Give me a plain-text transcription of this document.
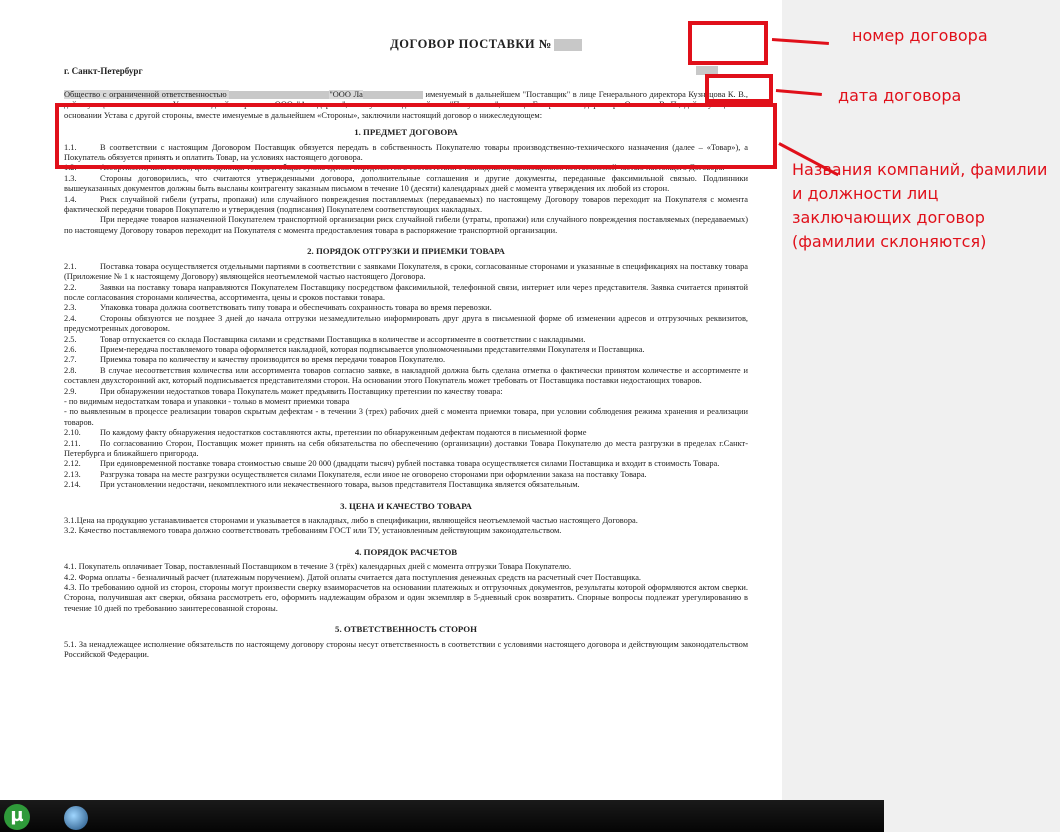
ДОГОВОР ПОСТАВКИ №
г. Санкт-Петербург
Общество с ограниченной ответственностью	"ООО Ла	именуемый в дальнейшем "Поставщик" в лице Генерального директора Кузнецова К. В., действующего на основании Устава с одной стороны и ООО "Автодороги", именуемое в дальнейшем "Покупатель", в лице Генерального директора Осокина В. П., действующего на основании Устава с другой стороны, вместе именуемые в дальнейшем «Стороны», заключили настоящий договор о нижеследующем:
1. ПРЕДМЕТ ДОГОВОРА
1.1.	В соответствии с настоящим Договором Поставщик обязуется передать в собственность Покупателю товары производственно-технического назначения (далее – «Товар»), а Покупатель обязуется принять и оплатить Товар, на условиях настоящего договора.
1.2.	Ассортимент, количество, цена единицы товара и общая сумма сделки определяется в соответствии с накладными, являющимися неотъемлемой частью настоящего Договора.
1.3.	Стороны договорились, что считаются утвержденными договора, дополнительные соглашения и другие документы, переданные факсимильной связью. Подлинники вышеуказанных документов должны быть высланы контрагенту заказным письмом в течение 10 (десяти) календарных дней с момента утверждения их любой из сторон.
1.4.	Риск случайной гибели (утраты, пропажи) или случайного повреждения поставляемых (передаваемых) по настоящему Договору товаров переходит на Покупателя с момента фактической передачи товаров Покупателю и утверждения (подписания) Покупателем соответствующих накладных.
При передаче товаров назначенной Покупателем транспортной организации риск случайной гибели (утраты, пропажи) или случайного повреждения поставляемых (передаваемых) по настоящему Договору товаров переходит на Покупателя с момента предоставления товара в распоряжение транспортной организации.
2. ПОРЯДОК ОТГРУЗКИ И ПРИЕМКИ ТОВАРА
2.1.	Поставка товара осуществляется отдельными партиями в соответствии с заявками Покупателя, в сроки, согласованные сторонами и указанные в спецификациях на поставку товара (Приложение № 1 к настоящему Договору) являющейся неотъемлемой частью настоящего Договора.
2.2.	Заявки на поставку товара направляются Покупателем Поставщику посредством факсимильной, телефонной связи, интернет или через представителя. Заявка считается принятой после согласования сторонами количества, ассортимента, цены и сроков поставки товара.
2.3.	Упаковка товара должна соответствовать типу товара и обеспечивать сохранность товара во время перевозки.
2.4.	Стороны обязуются не позднее 3 дней до начала отгрузки незамедлительно информировать друг друга в письменной форме об изменении адресов и отгрузочных реквизитов, предусмотренных договором.
2.5.	Товар отпускается со склада Поставщика силами и средствами Поставщика в количестве и ассортименте в соответствии с накладными.
2.6.	Прием-передача поставляемого товара оформляется накладной, которая подписывается уполномоченными представителями Покупателя и Поставщика.
2.7.	Приемка товара по количеству и качеству производится во время передачи товаров Покупателю.
2.8.	В случае несоответствия количества или ассортимента товаров согласно заявке, в накладной должна быть сделана отметка о фактически принятом количестве и ассортименте и составлен двухсторонний акт, который подписывается представителями сторон. На основании этого Покупатель может требовать от Поставщика поставки недостающих товаров.
2.9.	При обнаружении недостатков товара Покупатель может предъявить Поставщику претензии по качеству товара:
- по видимым недостаткам товара и упаковки - только в момент приемки товара
- по выявленным в процессе реализации товаров скрытым дефектам - в течении 3 (трех) рабочих дней с момента приемки товара, при условии соблюдения режима хранения и реализации товаров.
2.10. По каждому факту обнаружения недостатков составляются акты, претензии по обнаруженным дефектам подаются в письменной форме
2.11. По согласованию Сторон, Поставщик может принять на себя обязательства по обеспечению (организации) доставки Товара Покупателю до места разгрузки в пределах г.Санкт-Петербурга и ближайшего пригорода.
2.12. При единовременной поставке товара стоимостью свыше 20 000 (двадцати тысяч) рублей поставка товара осуществляется силами Поставщика и входит в стоимость Товара.
2.13. Разгрузка товара на месте разгрузки осуществляется силами Покупателя, если иное не оговорено сторонами при оформлении заказа на поставку Товара.
2.14. При установлении недостачи, некомплектного или некачественного товара, вызов представителя Поставщика является обязательным.
3. ЦЕНА И КАЧЕСТВО ТОВАРА
3.1.Цена на продукцию устанавливается сторонами и указывается в накладных, либо в спецификации, являющейся неотъемлемой частью настоящего Договора.
3.2. Качество поставляемого товара должно соответствовать требованиям ГОСТ или ТУ, установленным действующим законодательством.
4. ПОРЯДОК РАСЧЕТОВ
4.1. Покупатель оплачивает Товар, поставленный Поставщиком в течение 3 (трёх) календарных дней с момента отгрузки Товара Покупателю.
4.2. Форма оплаты - безналичный расчет (платежным поручением). Датой оплаты считается дата поступления денежных средств на расчетный счет Поставщика.
4.3. По требованию одной из сторон, стороны могут произвести сверку взаиморасчетов на основании платежных и отгрузочных документов, результаты которой оформляются актом сверки. Сторона, получившая акт сверки, обязана рассмотреть его, оформить надлежащим образом и один экземпляр в 5-дневный срок возвратить. Спорные вопросы подлежат урегулированию в течение 10 дней по требованию заинтересованной стороны.
5. ОТВЕТСТВЕННОСТЬ СТОРОН
5.1. За ненадлежащее исполнение обязательств по настоящему договору стороны несут ответственность в соответствии с условиями настоящего договора и действующим законодательством Российской Федерации.
номер договора
дата договора
Названия компаний, фамилии и должности лиц заключающих договор (фамилии склоняются)
µ
